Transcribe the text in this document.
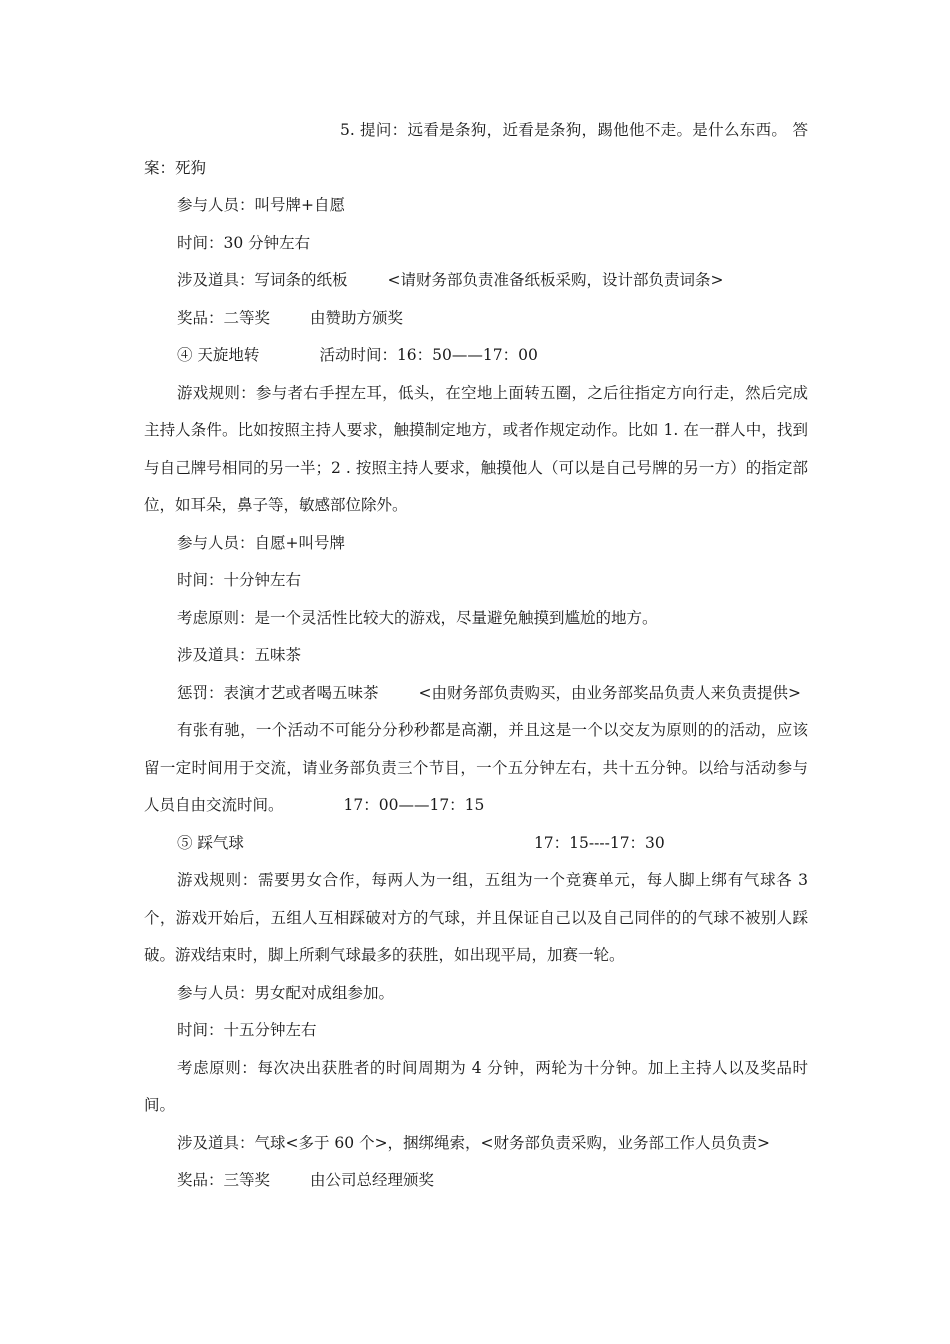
5. 提问：远看是条狗，近看是条狗，踢他他不走。是什么东西。 答案：死狗

参与人员：叫号牌+自愿

时间：30 分钟左右

涉及道具：写词条的纸板	<请财务部负责准备纸板采购，设计部负责词条>

奖品：二等奖	由赞助方颁奖

④ 天旋地转	活动时间：16：50——17：00

游戏规则：参与者右手捏左耳，低头，在空地上面转五圈，之后往指定方向行走，然后完成主持人条件。比如按照主持人要求，触摸制定地方，或者作规定动作。比如 1. 在一群人中，找到与自己牌号相同的另一半；2 . 按照主持人要求，触摸他人（可以是自己号牌的另一方）的指定部位，如耳朵，鼻子等，敏感部位除外。

参与人员：自愿+叫号牌

时间：十分钟左右

考虑原则：是一个灵活性比较大的游戏，尽量避免触摸到尴尬的地方。

涉及道具：五味茶

惩罚：表演才艺或者喝五味茶	<由财务部负责购买，由业务部奖品负责人来负责提供>

有张有驰，一个活动不可能分分秒秒都是高潮，并且这是一个以交友为原则的的活动，应该留一定时间用于交流，请业务部负责三个节目，一个五分钟左右，共十五分钟。以给与活动参与人员自由交流时间。	17：00——17：15

⑤ 踩气球	17：15----17：30

游戏规则：需要男女合作，每两人为一组，五组为一个竞赛单元，每人脚上绑有气球各 3 个，游戏开始后，五组人互相踩破对方的气球，并且保证自己以及自己同伴的的气球不被别人踩破。游戏结束时，脚上所剩气球最多的获胜，如出现平局，加赛一轮。

参与人员：男女配对成组参加。

时间：十五分钟左右

考虑原则：每次决出获胜者的时间周期为 4 分钟，两轮为十分钟。加上主持人以及奖品时间。

涉及道具：气球<多于 60 个>，捆绑绳索，<财务部负责采购，业务部工作人员负责>

奖品：三等奖	由公司总经理颁奖
